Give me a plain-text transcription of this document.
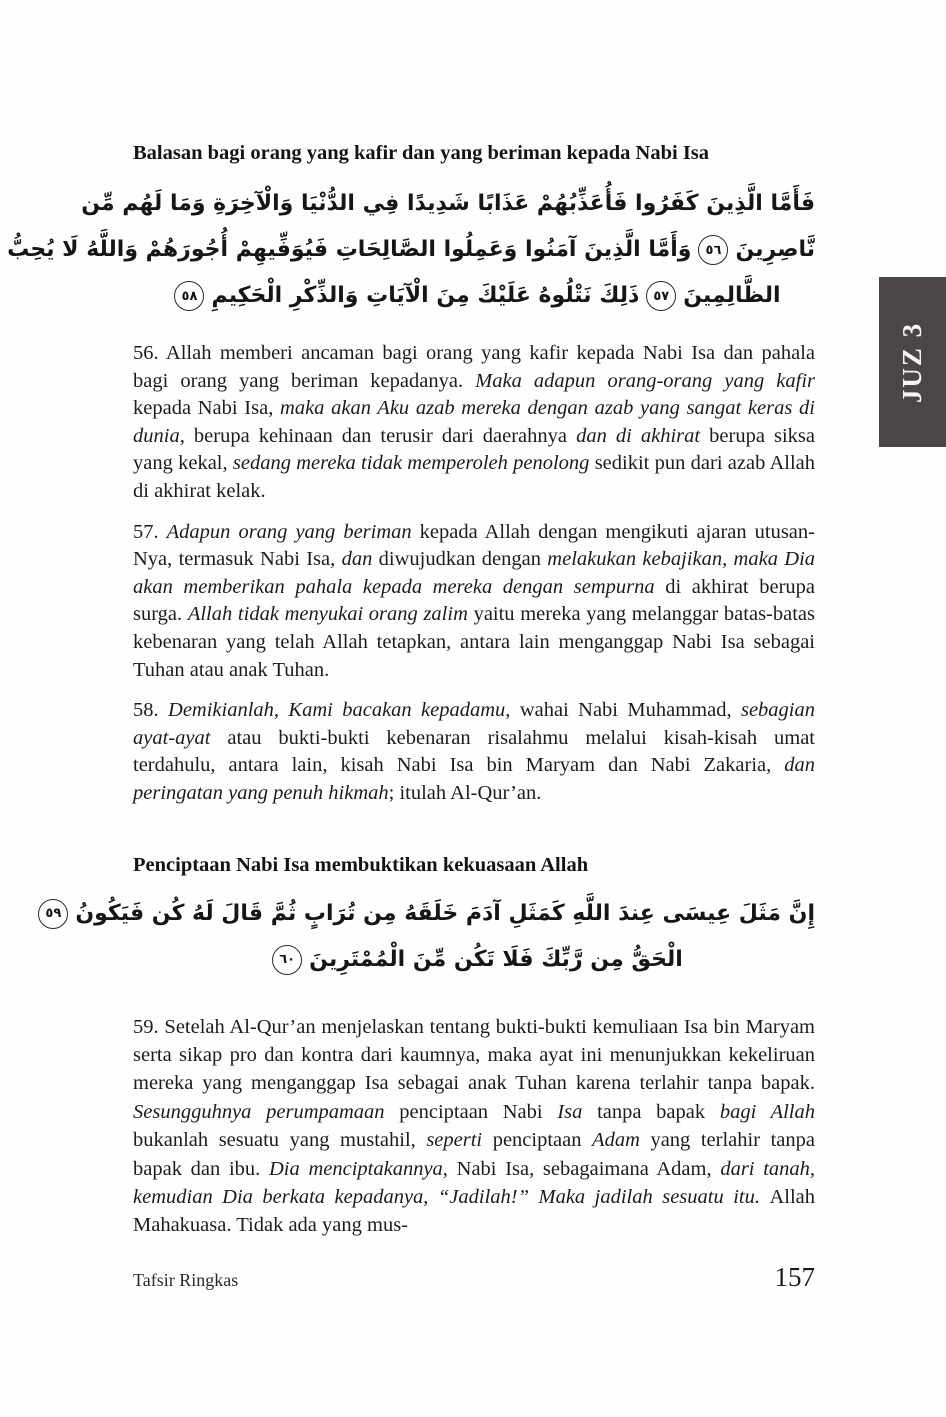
JUZ 3
Balasan bagi orang yang kafir dan yang beriman kepada Nabi Isa
فَأَمَّا الَّذِينَ كَفَرُوا فَأُعَذِّبُهُمْ عَذَابًا شَدِيدًا فِي الدُّنْيَا وَالْآخِرَةِ وَمَا لَهُم مِّن
نَّاصِرِينَ
٥٦
وَأَمَّا الَّذِينَ آمَنُوا وَعَمِلُوا الصَّالِحَاتِ فَيُوَفِّيهِمْ أُجُورَهُمْ وَاللَّهُ لَا يُحِبُّ
الظَّالِمِينَ
٥٧
ذَلِكَ نَتْلُوهُ عَلَيْكَ مِنَ الْآيَاتِ وَالذِّكْرِ الْحَكِيمِ
٥٨

56. Allah memberi ancaman bagi orang yang kafir kepada Nabi Isa dan pahala bagi orang yang beriman kepadanya. Maka adapun orang-orang yang kafir kepada Nabi Isa, maka akan Aku azab mereka dengan azab yang sangat keras di dunia, berupa kehinaan dan terusir dari daerahnya dan di akhirat berupa siksa yang kekal, sedang mereka tidak memperoleh penolong sedikit pun dari azab Allah di akhirat kelak.

57. Adapun orang yang beriman kepada Allah dengan mengikuti ajaran utusan-Nya, termasuk Nabi Isa, dan diwujudkan dengan melakukan kebajikan, maka Dia akan memberikan pahala kepada mereka dengan sempurna di akhirat berupa surga. Allah tidak menyukai orang zalim yaitu mereka yang melanggar batas-batas kebenaran yang telah Allah tetapkan, antara lain menganggap Nabi Isa sebagai Tuhan atau anak Tuhan.

58. Demikianlah, Kami bacakan kepadamu, wahai Nabi Muhammad, sebagian ayat-ayat atau bukti-bukti kebenaran risalahmu melalui kisah-kisah umat terdahulu, antara lain, kisah Nabi Isa bin Maryam dan Nabi Zakaria, dan peringatan yang penuh hikmah; itulah Al-Qur’an.

Penciptaan Nabi Isa membuktikan kekuasaan Allah
إِنَّ مَثَلَ عِيسَى عِندَ اللَّهِ كَمَثَلِ آدَمَ خَلَقَهُ مِن تُرَابٍ ثُمَّ قَالَ لَهُ كُن فَيَكُونُ
٥٩
الْحَقُّ مِن رَّبِّكَ فَلَا تَكُن مِّنَ الْمُمْتَرِينَ
٦٠

59. Setelah Al-Qur’an menjelaskan tentang bukti-bukti kemuliaan Isa bin Maryam serta sikap pro dan kontra dari kaumnya, maka ayat ini menunjukkan kekeliruan mereka yang menganggap Isa sebagai anak Tuhan karena terlahir tanpa bapak. Sesungguhnya perumpamaan penciptaan Nabi Isa tanpa bapak bagi Allah bukanlah sesuatu yang mustahil, seperti penciptaan Adam yang terlahir tanpa bapak dan ibu. Dia menciptakannya, Nabi Isa, sebagaimana Adam, dari tanah, kemudian Dia berkata kepadanya, “Jadilah!” Maka jadilah sesuatu itu. Allah Mahakuasa. Tidak ada yang mus-

Tafsir Ringkas	157
